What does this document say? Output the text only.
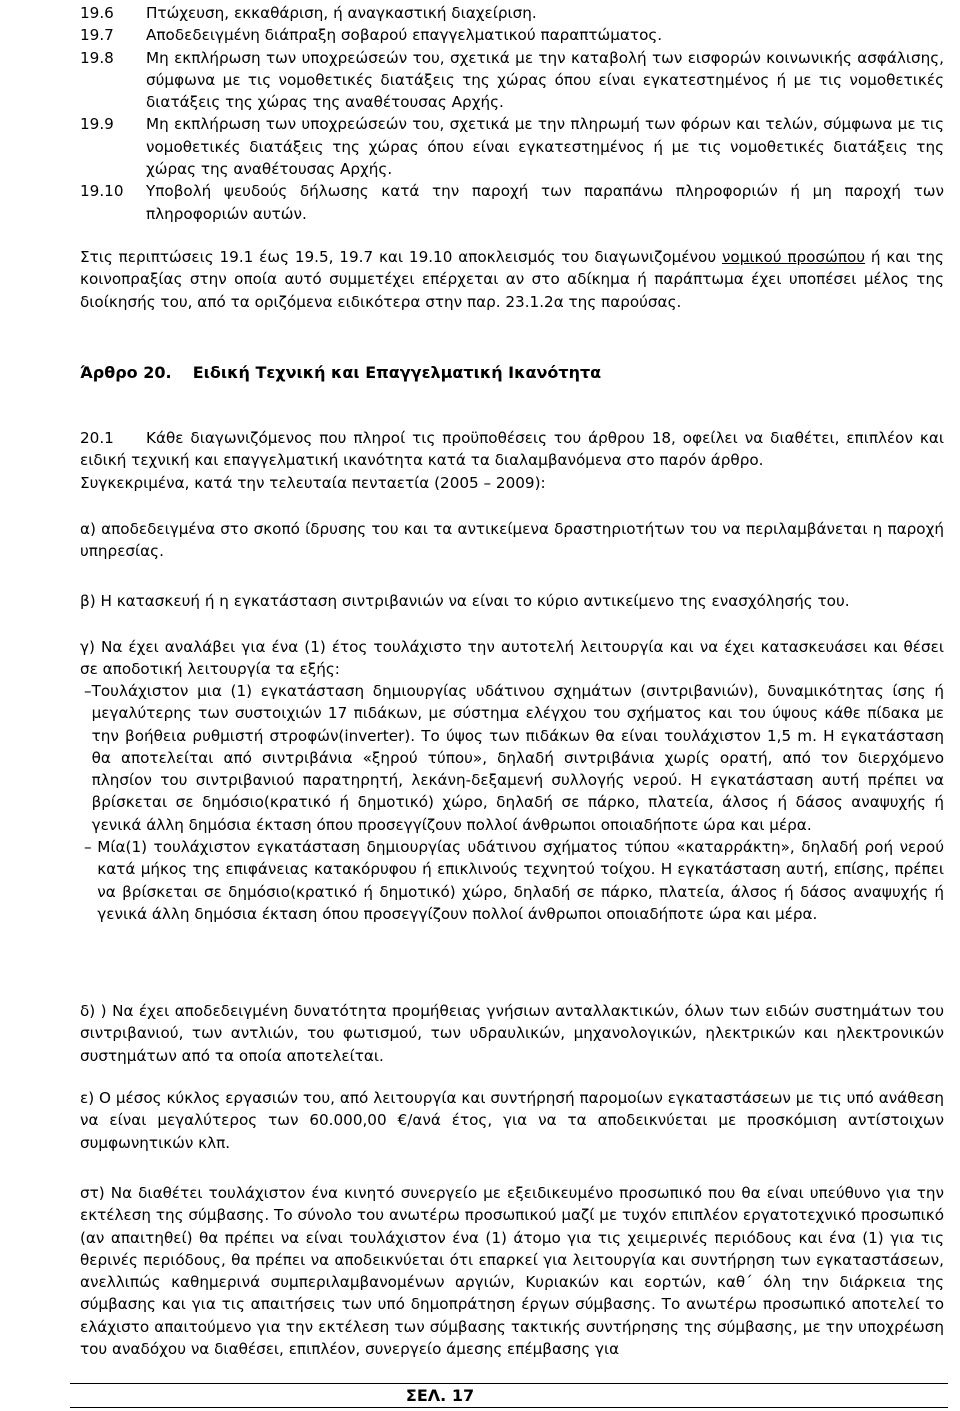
19.6	Πτώχευση, εκκαθάριση, ή αναγκαστική διαχείριση.
19.7	Αποδεδειγμένη διάπραξη σοβαρού επαγγελματικού παραπτώματος.
19.8	Μη εκπλήρωση των υποχρεώσεών του, σχετικά με την καταβολή των εισφορών κοινωνικής ασφάλισης, σύμφωνα με τις νομοθετικές διατάξεις της χώρας όπου είναι εγκατεστημένος ή με τις νομοθετικές διατάξεις της χώρας της αναθέτουσας Αρχής.
19.9	Μη εκπλήρωση των υποχρεώσεών του, σχετικά με την πληρωμή των φόρων και τελών, σύμφωνα με τις νομοθετικές διατάξεις της χώρας όπου είναι εγκατεστημένος ή με τις νομοθετικές διατάξεις της χώρας της αναθέτουσας Αρχής.
19.10	Υποβολή ψευδούς δήλωσης κατά την παροχή των παραπάνω πληροφοριών ή μη παροχή των πληροφοριών αυτών.
Στις περιπτώσεις 19.1 έως 19.5, 19.7 και 19.10 αποκλεισμός του διαγωνιζομένου νομικού προσώπου ή και της κοινοπραξίας στην οποία αυτό συμμετέχει επέρχεται αν στο αδίκημα ή παράπτωμα έχει υποπέσει μέλος της διοίκησής του, από τα οριζόμενα ειδικότερα στην παρ. 23.1.2α της παρούσας.
Άρθρο 20. Ειδική Τεχνική και Επαγγελματική Ικανότητα
20.1	Κάθε διαγωνιζόμενος που πληροί τις προϋποθέσεις του άρθρου 18, οφείλει να διαθέτει, επιπλέον και ειδική τεχνική και επαγγελματική ικανότητα κατά τα διαλαμβανόμενα στο παρόν άρθρο.
Συγκεκριμένα, κατά την τελευταία πενταετία (2005 – 2009):
α) αποδεδειγμένα στο σκοπό ίδρυσης του και τα αντικείμενα δραστηριοτήτων του να περιλαμβάνεται η παροχή υπηρεσίας.
β) Η κατασκευή ή η εγκατάσταση σιντριβανιών να είναι το κύριο αντικείμενο της ενασχόλησής του.
γ) Να έχει αναλάβει για ένα (1) έτος τουλάχιστο την αυτοτελή λειτουργία και να έχει κατασκευάσει και θέσει σε αποδοτική λειτουργία τα εξής:
– Τουλάχιστον μια (1) εγκατάσταση δημιουργίας υδάτινου σχημάτων (σιντριβανιών), δυναμικότητας ίσης ή μεγαλύτερης των συστοιχιών 17 πιδάκων, με σύστημα ελέγχου του σχήματος και του ύψους κάθε πίδακα με την βοήθεια ρυθμιστή στροφών(inverter). Το ύψος των πιδάκων θα είναι τουλάχιστον 1,5 m. Η εγκατάσταση θα αποτελείται από σιντριβάνια «ξηρού τύπου», δηλαδή σιντριβάνια χωρίς ορατή, από τον διερχόμενο πλησίον του σιντριβανιού παρατηρητή, λεκάνη-δεξαμενή συλλογής νερού. Η εγκατάσταση αυτή πρέπει να βρίσκεται σε δημόσιο(κρατικό ή δημοτικό) χώρο, δηλαδή σε πάρκο, πλατεία, άλσος ή δάσος αναψυχής ή γενικά άλλη δημόσια έκταση όπου προσεγγίζουν πολλοί άνθρωποι οποιαδήποτε ώρα και μέρα.
– Μία(1) τουλάχιστον εγκατάσταση δημιουργίας υδάτινου σχήματος τύπου «καταρράκτη», δηλαδή ροή νερού κατά μήκος της επιφάνειας κατακόρυφου ή επικλινούς τεχνητού τοίχου. Η εγκατάσταση αυτή, επίσης, πρέπει να βρίσκεται σε δημόσιο(κρατικό ή δημοτικό) χώρο, δηλαδή σε πάρκο, πλατεία, άλσος ή δάσος αναψυχής ή γενικά άλλη δημόσια έκταση όπου προσεγγίζουν πολλοί άνθρωποι οποιαδήποτε ώρα και μέρα.
δ) ) Να έχει αποδεδειγμένη δυνατότητα προμήθειας γνήσιων ανταλλακτικών, όλων των ειδών συστημάτων του σιντριβανιού, των αντλιών, του φωτισμού, των υδραυλικών, μηχανολογικών, ηλεκτρικών και ηλεκτρονικών συστημάτων από τα οποία αποτελείται.
ε) Ο μέσος κύκλος εργασιών του, από λειτουργία και συντήρησή παρομοίων εγκαταστάσεων με τις υπό ανάθεση να είναι μεγαλύτερος των 60.000,00 €/ανά έτος, για να τα αποδεικνύεται με προσκόμιση αντίστοιχων συμφωνητικών κλπ.
στ) Να διαθέτει τουλάχιστον ένα κινητό συνεργείο με εξειδικευμένο προσωπικό που θα είναι υπεύθυνο για την εκτέλεση της σύμβασης. Το σύνολο του ανωτέρω προσωπικού μαζί με τυχόν επιπλέον εργατοτεχνικό προσωπικό (αν απαιτηθεί) θα πρέπει να είναι τουλάχιστον ένα (1) άτομο για τις χειμερινές περιόδους και ένα (1) για τις θερινές περιόδους, θα πρέπει να αποδεικνύεται ότι επαρκεί για λειτουργία και συντήρηση των εγκαταστάσεων, ανελλιπώς καθημερινά συμπεριλαμβανομένων αργιών, Κυριακών και εορτών, καθ΄ όλη την διάρκεια της σύμβασης και για τις απαιτήσεις των υπό δημοπράτηση έργων σύμβασης. Το ανωτέρω προσωπικό αποτελεί το ελάχιστο απαιτούμενο για την εκτέλεση των σύμβασης τακτικής συντήρησης της σύμβασης, με την υποχρέωση του αναδόχου να διαθέσει, επιπλέον, συνεργείο άμεσης επέμβασης για
ΣΕΛ. 17
